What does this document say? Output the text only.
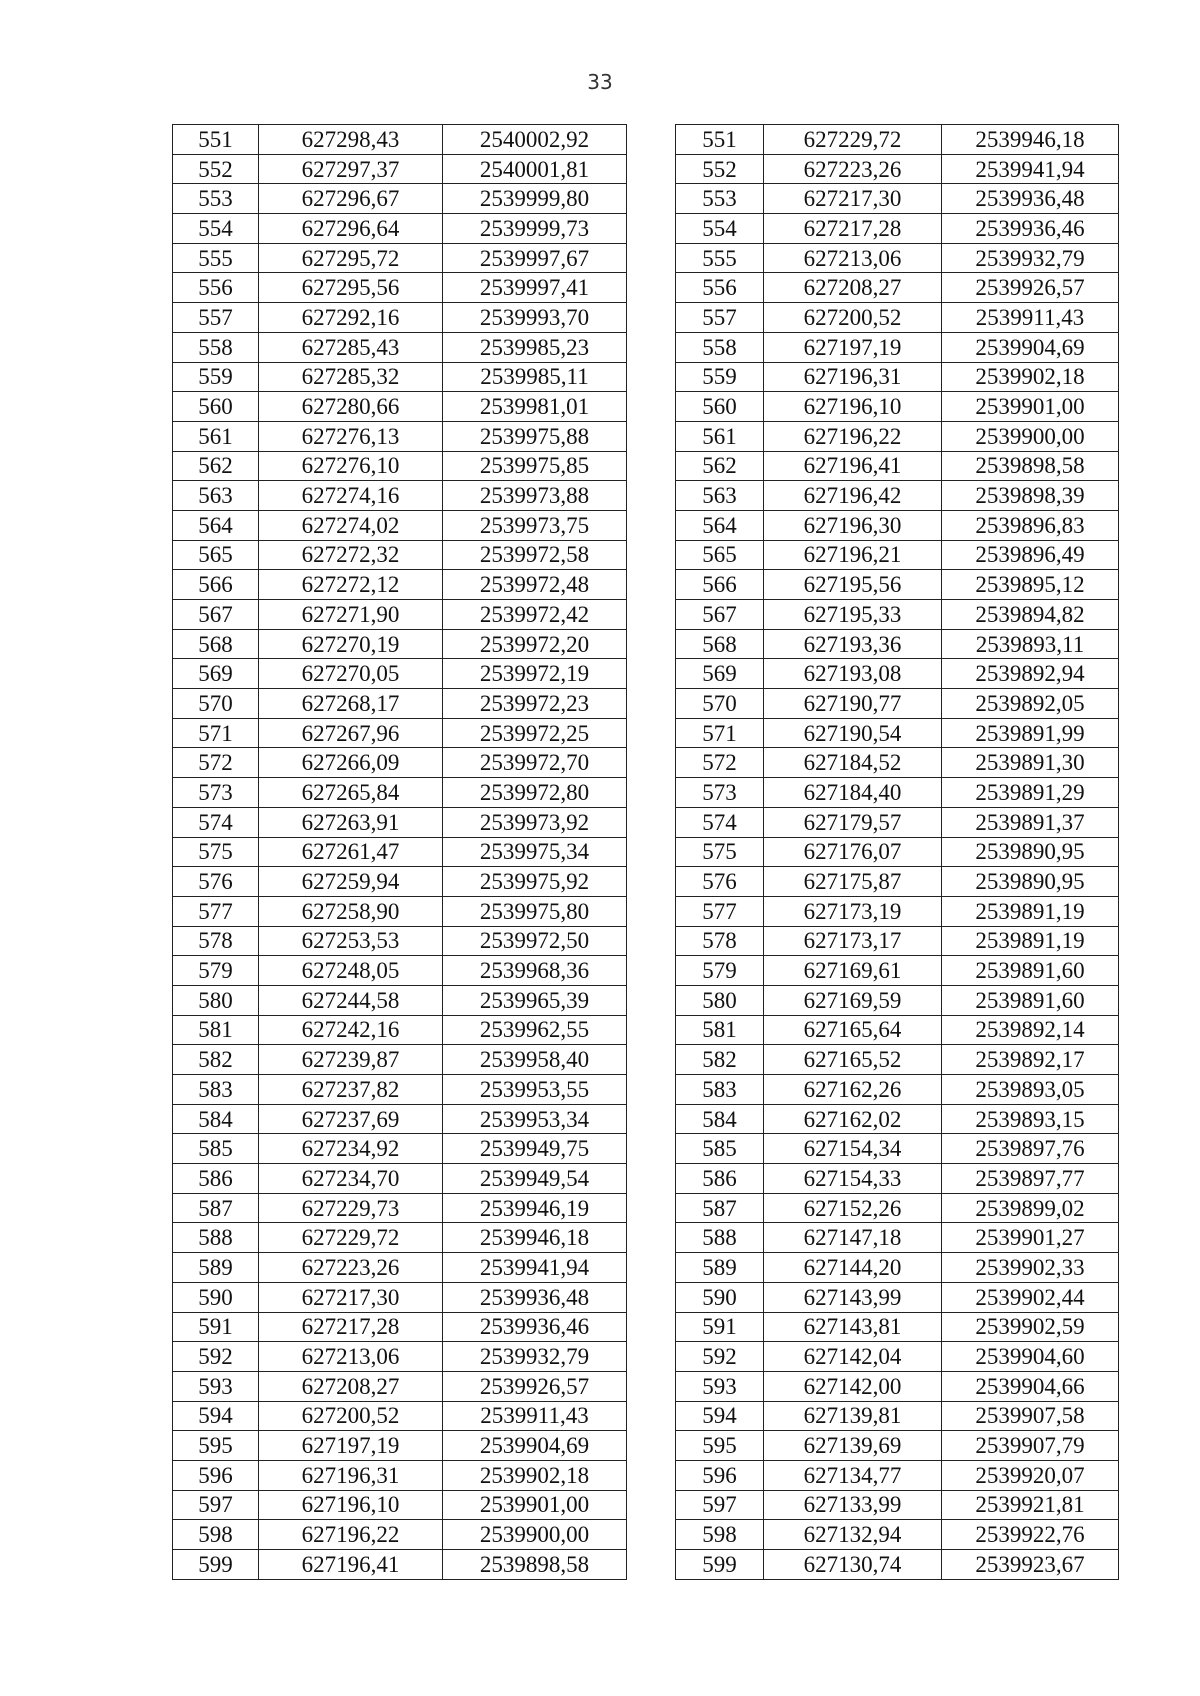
33
551	627298,43	2540002,92		551	627229,72	2539946,18
552	627297,37	2540001,81		552	627223,26	2539941,94
553	627296,67	2539999,80		553	627217,30	2539936,48
554	627296,64	2539999,73		554	627217,28	2539936,46
555	627295,72	2539997,67		555	627213,06	2539932,79
556	627295,56	2539997,41		556	627208,27	2539926,57
557	627292,16	2539993,70		557	627200,52	2539911,43
558	627285,43	2539985,23		558	627197,19	2539904,69
559	627285,32	2539985,11		559	627196,31	2539902,18
560	627280,66	2539981,01		560	627196,10	2539901,00
561	627276,13	2539975,88		561	627196,22	2539900,00
562	627276,10	2539975,85		562	627196,41	2539898,58
563	627274,16	2539973,88		563	627196,42	2539898,39
564	627274,02	2539973,75		564	627196,30	2539896,83
565	627272,32	2539972,58		565	627196,21	2539896,49
566	627272,12	2539972,48		566	627195,56	2539895,12
567	627271,90	2539972,42		567	627195,33	2539894,82
568	627270,19	2539972,20		568	627193,36	2539893,11
569	627270,05	2539972,19		569	627193,08	2539892,94
570	627268,17	2539972,23		570	627190,77	2539892,05
571	627267,96	2539972,25		571	627190,54	2539891,99
572	627266,09	2539972,70		572	627184,52	2539891,30
573	627265,84	2539972,80		573	627184,40	2539891,29
574	627263,91	2539973,92		574	627179,57	2539891,37
575	627261,47	2539975,34		575	627176,07	2539890,95
576	627259,94	2539975,92		576	627175,87	2539890,95
577	627258,90	2539975,80		577	627173,19	2539891,19
578	627253,53	2539972,50		578	627173,17	2539891,19
579	627248,05	2539968,36		579	627169,61	2539891,60
580	627244,58	2539965,39		580	627169,59	2539891,60
581	627242,16	2539962,55		581	627165,64	2539892,14
582	627239,87	2539958,40		582	627165,52	2539892,17
583	627237,82	2539953,55		583	627162,26	2539893,05
584	627237,69	2539953,34		584	627162,02	2539893,15
585	627234,92	2539949,75		585	627154,34	2539897,76
586	627234,70	2539949,54		586	627154,33	2539897,77
587	627229,73	2539946,19		587	627152,26	2539899,02
588	627229,72	2539946,18		588	627147,18	2539901,27
589	627223,26	2539941,94		589	627144,20	2539902,33
590	627217,30	2539936,48		590	627143,99	2539902,44
591	627217,28	2539936,46		591	627143,81	2539902,59
592	627213,06	2539932,79		592	627142,04	2539904,60
593	627208,27	2539926,57		593	627142,00	2539904,66
594	627200,52	2539911,43		594	627139,81	2539907,58
595	627197,19	2539904,69		595	627139,69	2539907,79
596	627196,31	2539902,18		596	627134,77	2539920,07
597	627196,10	2539901,00		597	627133,99	2539921,81
598	627196,22	2539900,00		598	627132,94	2539922,76
599	627196,41	2539898,58		599	627130,74	2539923,67
